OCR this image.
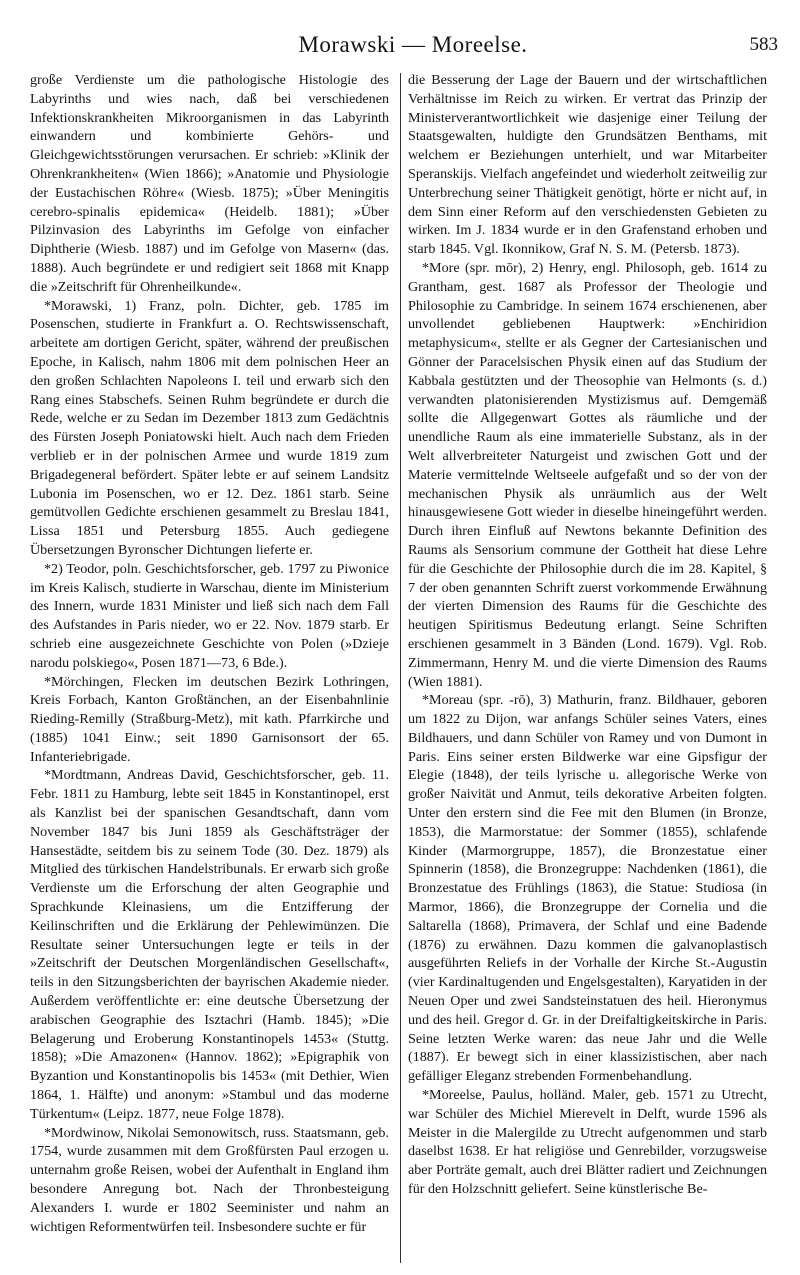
Morawski — Moreelse.	583

große Verdienste um die pathologische Histologie des Labyrinths und wies nach, daß bei verschiedenen Infektionskrankheiten Mikroorganismen in das Labyrinth einwandern und kombinierte Gehörs- und Gleichgewichtsstörungen verursachen. Er schrieb: »Klinik der Ohrenkrankheiten« (Wien 1866); »Anatomie und Physiologie der Eustachischen Röhre« (Wiesb. 1875); »Über Meningitis cerebro-spinalis epidemica« (Heidelb. 1881); »Über Pilzinvasion des Labyrinths im Gefolge von einfacher Diphtherie (Wiesb. 1887) und im Gefolge von Masern« (das. 1888). Auch begründete er und redigiert seit 1868 mit Knapp die »Zeitschrift für Ohrenheilkunde«.

*Morawski, 1) Franz, poln. Dichter, geb. 1785 im Posenschen, studierte in Frankfurt a. O. Rechtswissenschaft, arbeitete am dortigen Gericht, später, während der preußischen Epoche, in Kalisch, nahm 1806 mit dem polnischen Heer an den großen Schlachten Napoleons I. teil und erwarb sich den Rang eines Stabschefs. Seinen Ruhm begründete er durch die Rede, welche er zu Sedan im Dezember 1813 zum Gedächtnis des Fürsten Joseph Poniatowski hielt. Auch nach dem Frieden verblieb er in der polnischen Armee und wurde 1819 zum Brigadegeneral befördert. Später lebte er auf seinem Landsitz Lubonia im Posenschen, wo er 12. Dez. 1861 starb. Seine gemütvollen Gedichte erschienen gesammelt zu Breslau 1841, Lissa 1851 und Petersburg 1855. Auch gediegene Übersetzungen Byronscher Dichtungen lieferte er.

*2) Teodor, poln. Geschichtsforscher, geb. 1797 zu Piwonice im Kreis Kalisch, studierte in Warschau, diente im Ministerium des Innern, wurde 1831 Minister und ließ sich nach dem Fall des Aufstandes in Paris nieder, wo er 22. Nov. 1879 starb. Er schrieb eine ausgezeichnete Geschichte von Polen (»Dzieje narodu polskiego«, Posen 1871—73, 6 Bde.).

*Mörchingen, Flecken im deutschen Bezirk Lothringen, Kreis Forbach, Kanton Großtänchen, an der Eisenbahnlinie Rieding-Remilly (Straßburg-Metz), mit kath. Pfarrkirche und (1885) 1041 Einw.; seit 1890 Garnisonsort der 65. Infanteriebrigade.

*Mordtmann, Andreas David, Geschichtsforscher, geb. 11. Febr. 1811 zu Hamburg, lebte seit 1845 in Konstantinopel, erst als Kanzlist bei der spanischen Gesandtschaft, dann vom November 1847 bis Juni 1859 als Geschäftsträger der Hansestädte, seitdem bis zu seinem Tode (30. Dez. 1879) als Mitglied des türkischen Handelstribunals. Er erwarb sich große Verdienste um die Erforschung der alten Geographie und Sprachkunde Kleinasiens, um die Entzifferung der Keilinschriften und die Erklärung der Pehlewimünzen. Die Resultate seiner Untersuchungen legte er teils in der »Zeitschrift der Deutschen Morgenländischen Gesellschaft«, teils in den Sitzungsberichten der bayrischen Akademie nieder. Außerdem veröffentlichte er: eine deutsche Übersetzung der arabischen Geographie des Isztachri (Hamb. 1845); »Die Belagerung und Eroberung Konstantinopels 1453« (Stuttg. 1858); »Die Amazonen« (Hannov. 1862); »Epigraphik von Byzantion und Konstantinopolis bis 1453« (mit Dethier, Wien 1864, 1. Hälfte) und anonym: »Stambul und das moderne Türkentum« (Leipz. 1877, neue Folge 1878).

*Mordwinow, Nikolai Semonowitsch, russ. Staatsmann, geb. 1754, wurde zusammen mit dem Großfürsten Paul erzogen u. unternahm große Reisen, wobei der Aufenthalt in England ihm besondere Anregung bot. Nach der Thronbesteigung Alexanders I. wurde er 1802 Seeminister und nahm an wichtigen Reformentwürfen teil. Insbesondere suchte er für

die Besserung der Lage der Bauern und der wirtschaftlichen Verhältnisse im Reich zu wirken. Er vertrat das Prinzip der Ministerverantwortlichkeit wie dasjenige einer Teilung der Staatsgewalten, huldigte den Grundsätzen Benthams, mit welchem er Beziehungen unterhielt, und war Mitarbeiter Speranskijs. Vielfach angefeindet und wiederholt zeitweilig zur Unterbrechung seiner Thätigkeit genötigt, hörte er nicht auf, in dem Sinn einer Reform auf den verschiedensten Gebieten zu wirken. Im J. 1834 wurde er in den Grafenstand erhoben und starb 1845. Vgl. Ikonnikow, Graf N. S. M. (Petersb. 1873).

*More (spr. mōr), 2) Henry, engl. Philosoph, geb. 1614 zu Grantham, gest. 1687 als Professor der Theologie und Philosophie zu Cambridge. In seinem 1674 erschienenen, aber unvollendet gebliebenen Hauptwerk: »Enchiridion metaphysicum«, stellte er als Gegner der Cartesianischen und Gönner der Paracelsischen Physik einen auf das Studium der Kabbala gestützten und der Theosophie van Helmonts (s. d.) verwandten platonisierenden Mystizismus auf. Demgemäß sollte die Allgegenwart Gottes als räumliche und der unendliche Raum als eine immaterielle Substanz, als in der Welt allverbreiteter Naturgeist und zwischen Gott und der Materie vermittelnde Weltseele aufgefaßt und so der von der mechanischen Physik als unräumlich aus der Welt hinausgewiesene Gott wieder in dieselbe hineingeführt werden. Durch ihren Einfluß auf Newtons bekannte Definition des Raums als Sensorium commune der Gottheit hat diese Lehre für die Geschichte der Philosophie durch die im 28. Kapitel, § 7 der oben genannten Schrift zuerst vorkommende Erwähnung der vierten Dimension des Raums für die Geschichte des heutigen Spiritismus Bedeutung erlangt. Seine Schriften erschienen gesammelt in 3 Bänden (Lond. 1679). Vgl. Rob. Zimmermann, Henry M. und die vierte Dimension des Raums (Wien 1881).

*Moreau (spr. -rō), 3) Mathurin, franz. Bildhauer, geboren um 1822 zu Dijon, war anfangs Schüler seines Vaters, eines Bildhauers, und dann Schüler von Ramey und von Dumont in Paris. Eins seiner ersten Bildwerke war eine Gipsfigur der Elegie (1848), der teils lyrische u. allegorische Werke von großer Naivität und Anmut, teils dekorative Arbeiten folgten. Unter den erstern sind die Fee mit den Blumen (in Bronze, 1853), die Marmorstatue: der Sommer (1855), schlafende Kinder (Marmorgruppe, 1857), die Bronzestatue einer Spinnerin (1858), die Bronzegruppe: Nachdenken (1861), die Bronzestatue des Frühlings (1863), die Statue: Studiosa (in Marmor, 1866), die Bronzegruppe der Cornelia und die Saltarella (1868), Primavera, der Schlaf und eine Badende (1876) zu erwähnen. Dazu kommen die galvanoplastisch ausgeführten Reliefs in der Vorhalle der Kirche St.-Augustin (vier Kardinaltugenden und Engelsgestalten), Karyatiden in der Neuen Oper und zwei Sandsteinstatuen des heil. Hieronymus und des heil. Gregor d. Gr. in der Dreifaltigkeitskirche in Paris. Seine letzten Werke waren: das neue Jahr und die Welle (1887). Er bewegt sich in einer klassizistischen, aber nach gefälliger Eleganz strebenden Formenbehandlung.

*Moreelse, Paulus, holländ. Maler, geb. 1571 zu Utrecht, war Schüler des Michiel Mierevelt in Delft, wurde 1596 als Meister in die Malergilde zu Utrecht aufgenommen und starb daselbst 1638. Er hat religiöse und Genrebilder, vorzugsweise aber Porträte gemalt, auch drei Blätter radiert und Zeichnungen für den Holzschnitt geliefert. Seine künstlerische Be-
